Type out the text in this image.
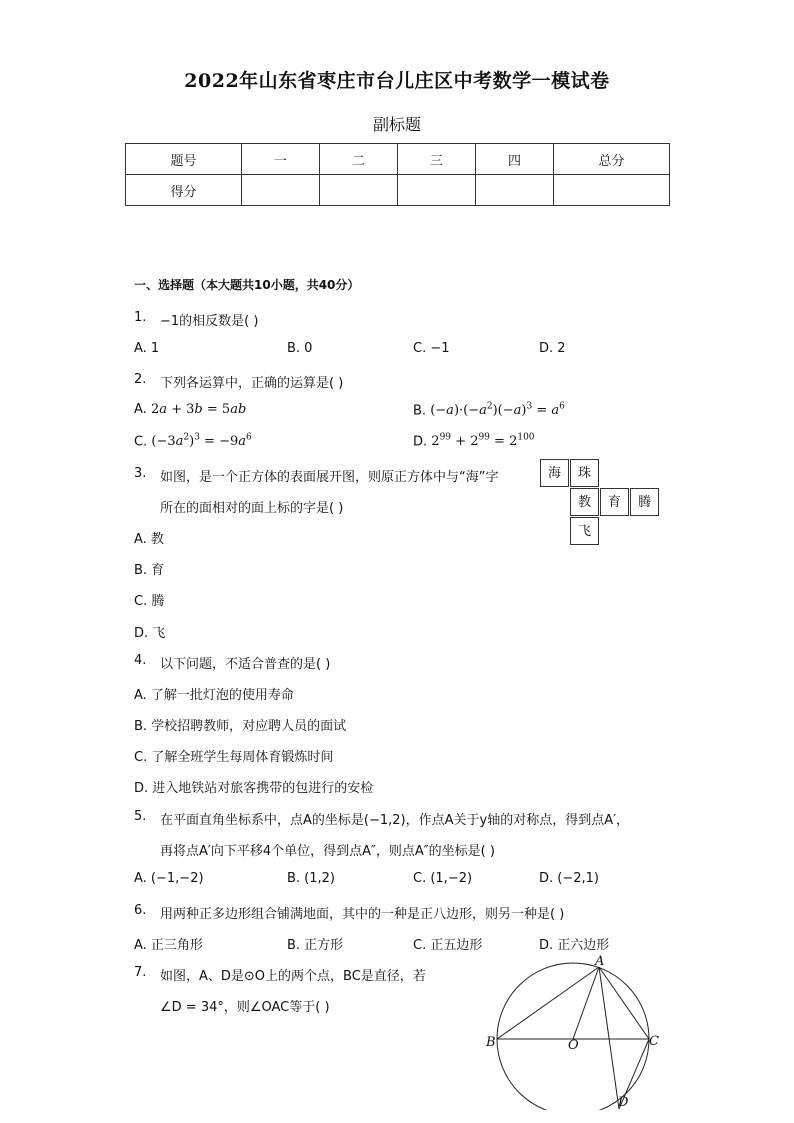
2022年山东省枣庄市台儿庄区中考数学一模试卷
副标题
题号	一	二	三	四	总分
得分					
一、选择题（本大题共10小题，共40分）
1. −1的相反数是( )
A. 1	B. 0	C. −1	D. 2
2. 下列各运算中，正确的运算是( )
A. 2a + 3b = 5ab	B. $(-a)\cdot(-a^2)(-a)^3 = a^6$
C. $(-3a^2)^3 = -9a^6$	D. $2^{99} + 2^{99} = 2^{100}$
3. 如图，是一个正方体的表面展开图，则原正方体中与“海”字
所在的面相对的面上标的字是( )
海	珠
教	育	腾
飞
A. 教
B. 育
C. 腾
D. 飞
4. 以下问题，不适合普查的是( )
A. 了解一批灯泡的使用寿命
B. 学校招聘教师，对应聘人员的面试
C. 了解全班学生每周体育锻炼时间
D. 进入地铁站对旅客携带的包进行的安检
5. 在平面直角坐标系中，点A的坐标是(−1,2)，作点A关于y轴的对称点，得到点A′，
再将点A′向下平移4个单位，得到点A″，则点A″的坐标是( )
A. (−1,−2)	B. (1,2)	C. (1,−2)	D. (−2,1)
6. 用两种正多边形组合铺满地面，其中的一种是正八边形，则另一种是( )
A. 正三角形	B. 正方形	C. 正五边形	D. 正六边形
7. 如图，A、D是⊙O上的两个点，BC是直径，若
∠D = 34°，则∠OAC等于( )
A
B	O	C
D
